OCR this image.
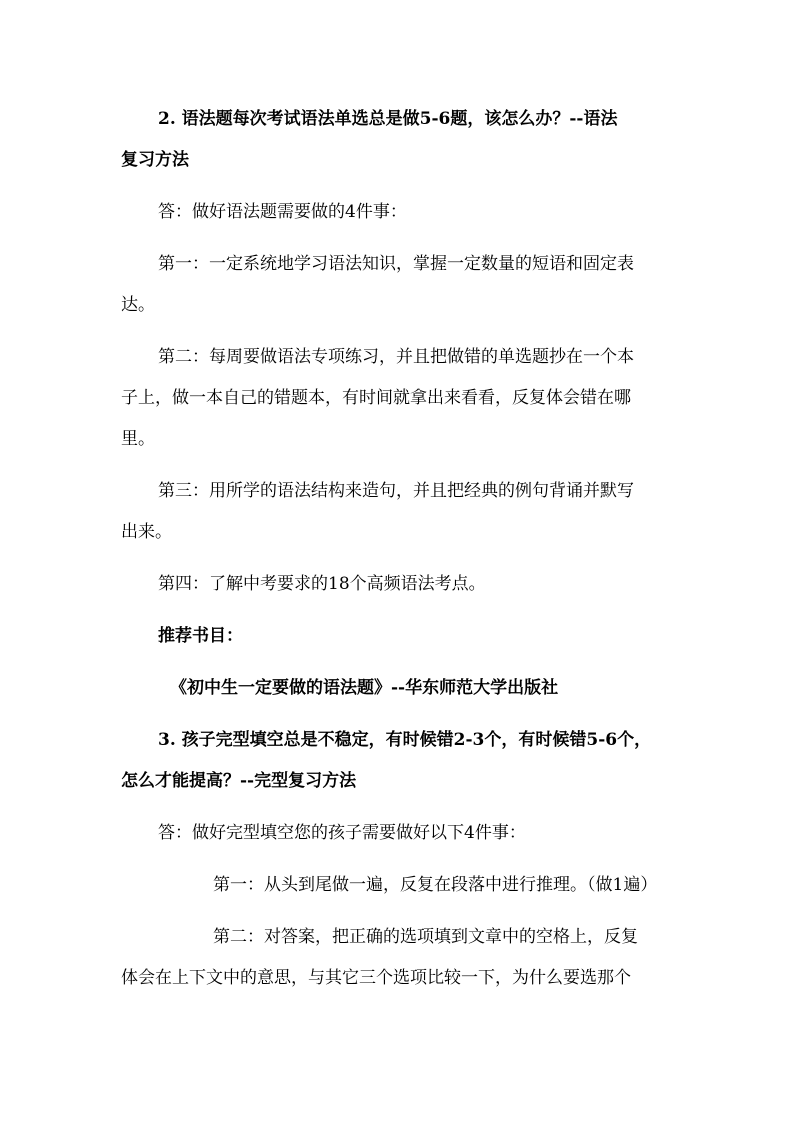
2. 语法题每次考试语法单选总是做5-6题，该怎么办？--语法
复习方法
答：做好语法题需要做的4件事：
第一：一定系统地学习语法知识，掌握一定数量的短语和固定表
达。
第二：每周要做语法专项练习，并且把做错的单选题抄在一个本
子上，做一本自己的错题本，有时间就拿出来看看，反复体会错在哪
里。
第三：用所学的语法结构来造句，并且把经典的例句背诵并默写
出来。
第四：了解中考要求的18个高频语法考点。
推荐书目：
《初中生一定要做的语法题》--华东师范大学出版社
3. 孩子完型填空总是不稳定，有时候错2-3个，有时候错5-6个，
怎么才能提高？--完型复习方法
答：做好完型填空您的孩子需要做好以下4件事：
第一：从头到尾做一遍，反复在段落中进行推理。（做1遍）
第二：对答案，把正确的选项填到文章中的空格上，反复
体会在上下文中的意思，与其它三个选项比较一下，为什么要选那个
